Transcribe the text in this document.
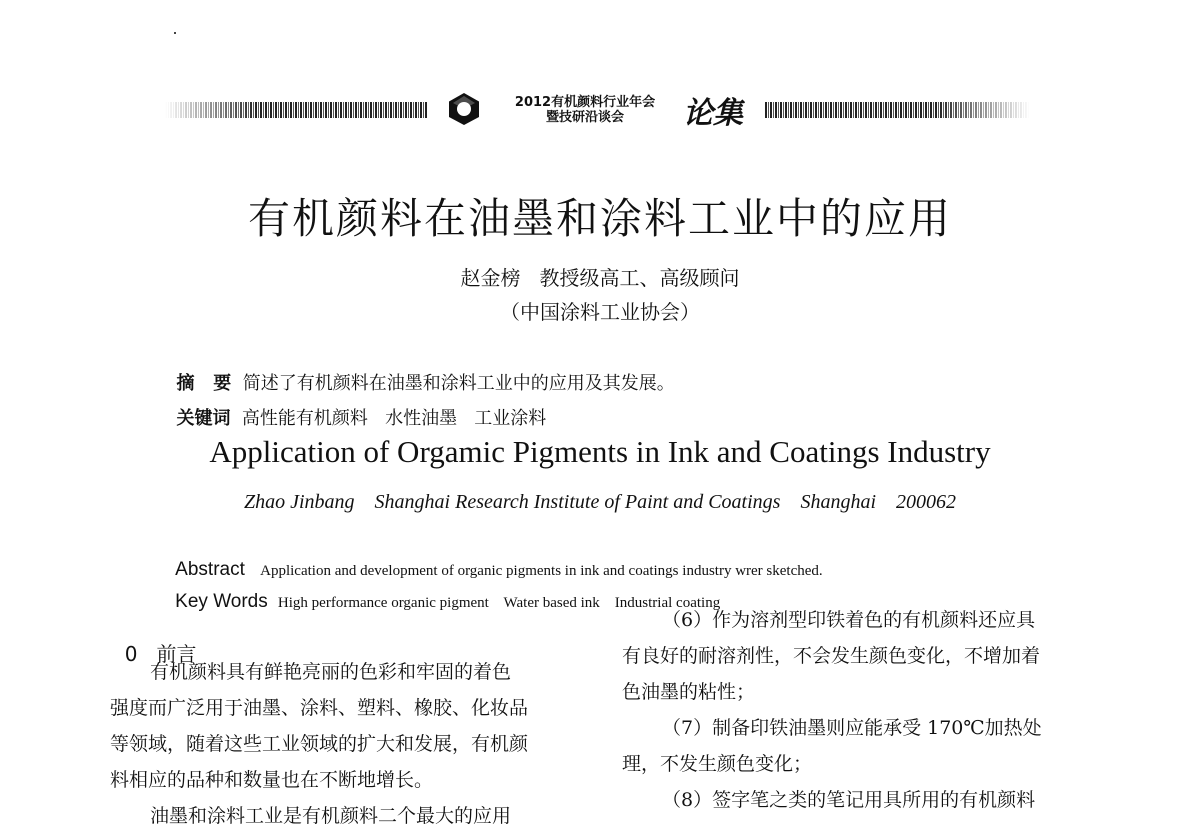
2012有机颜料行业年会
暨技研沿谈会	论集
有机颜料在油墨和涂料工业中的应用
赵金榜   教授级高工、高级顾问
（中国涂料工业协会）

摘   要 简述了有机颜料在油墨和涂料工业中的应用及其发展。

关键词 高性能有机颜料   水性油墨   工业涂料

Application of Orgamic Pigments in Ink and Coatings Industry
Zhao Jinbang    Shanghai Research Institute of Paint and Coatings    Shanghai    200062

Abstract Application and development of organic pigments in ink and coatings industry wrer sketched.

Key Words High performance organic pigment    Water based ink    Industrial coating

0 前言

有机颜料具有鲜艳亮丽的色彩和牢固的着色
强度而广泛用于油墨、涂料、塑料、橡胶、化妆品
等领域，随着这些工业领域的扩大和发展，有机颜
料相应的品种和数量也在不断地增长。
油墨和涂料工业是有机颜料二个最大的应用
（6）作为溶剂型印铁着色的有机颜料还应具
有良好的耐溶剂性，不会发生颜色变化，不增加着
色油墨的粘性；
（7）制备印铁油墨则应能承受 170℃加热处
理，不发生颜色变化；
（8）签字笔之类的笔记用具所用的有机颜料
